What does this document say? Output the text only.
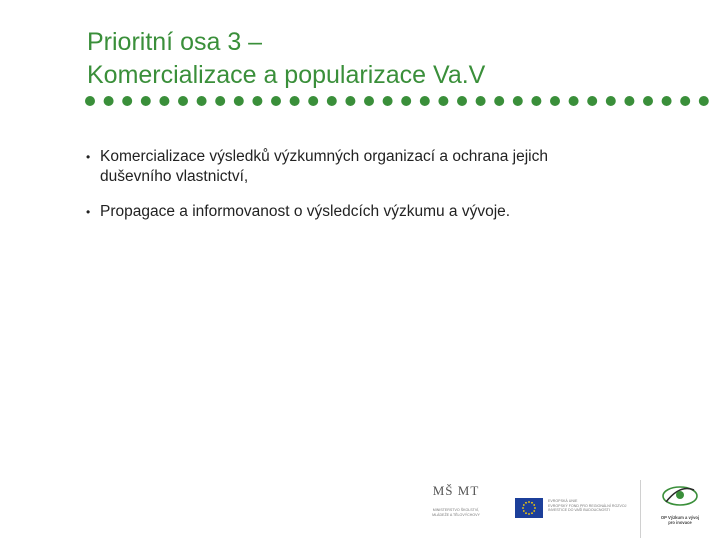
Prioritní osa 3 –
Komercializace a popularizace Va.V
• Komercializace výsledků výzkumných organizací a ochrana jejich
duševního vlastnictví,
• Propagace a informovanost o výsledcích výzkumu a vývoje.
MŠ MT
MINISTERSTVO ŠKOLSTVÍ,
MLÁDEŽE A TĚLOVÝCHOVY
EVROPSKÁ UNIE
EVROPSKÝ FOND PRO REGIONÁLNÍ ROZVOJ
INVESTICE DO VAŠÍ BUDOUCNOSTI
OP Výzkum a vývoj
pro inovace
